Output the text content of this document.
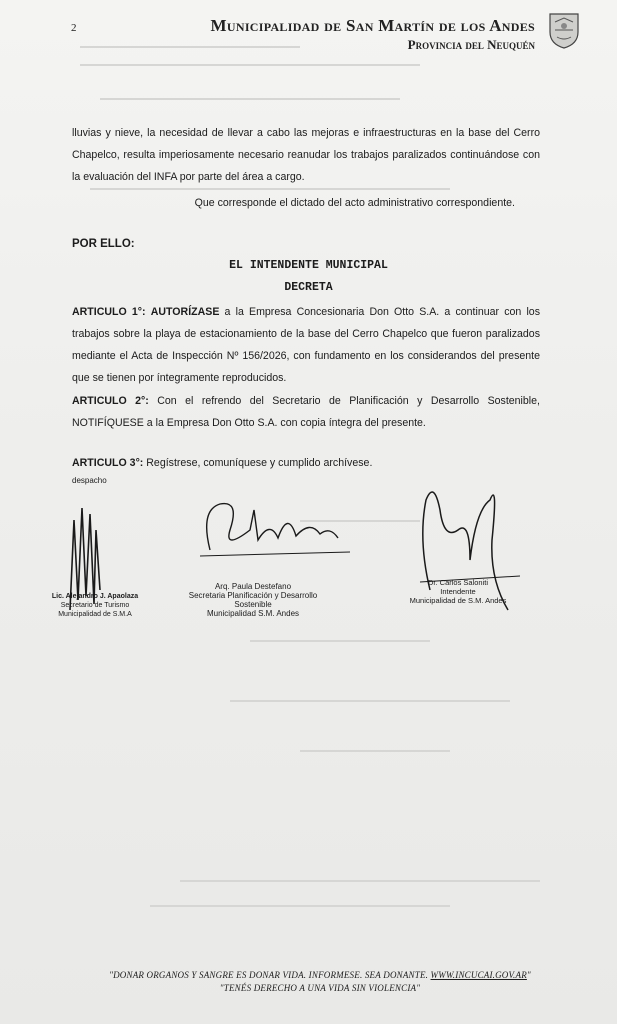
2	Municipalidad de San Martín de los Andes
Provincia del Neuquén
lluvias y nieve, la necesidad de llevar a cabo las mejoras e infraestructuras en la base del Cerro Chapelco, resulta imperiosamente necesario reanudar los trabajos paralizados continuándose con la evaluación del INFA por parte del área a cargo.
Que corresponde el dictado del acto administrativo correspondiente.
POR ELLO:
EL INTENDENTE MUNICIPAL
DECRETA
ARTICULO 1°: AUTORÍZASE a la Empresa Concesionaria Don Otto S.A. a continuar con los trabajos sobre la playa de estacionamiento de la base del Cerro Chapelco que fueron paralizados mediante el Acta de Inspección Nº 156/2026, con fundamento en los considerandos del presente que se tienen por íntegramente reproducidos.
ARTICULO 2°: Con el refrendo del Secretario de Planificación y Desarrollo Sostenible, NOTIFÍQUESE a la Empresa Don Otto S.A. con copia íntegra del presente.
ARTICULO 3°: Regístrese, comuníquese y cumplido archívese.
despacho
Lic. Alejandro J. Apaolaza
Secretario de Turismo
Municipalidad de S.M.A
Arq. Paula Destefano
Secretaria Planificación y Desarrollo Sostenible
Municipalidad S.M. Andes
Dr. Carlos Saloniti
Intendente
Municipalidad de S.M. Andes
"DONAR ORGANOS Y SANGRE ES DONAR VIDA. INFORMESE. SEA DONANTE. WWW.INCUCAI.GOV.AR"
"TENÉS DERECHO A UNA VIDA SIN VIOLENCIA"
